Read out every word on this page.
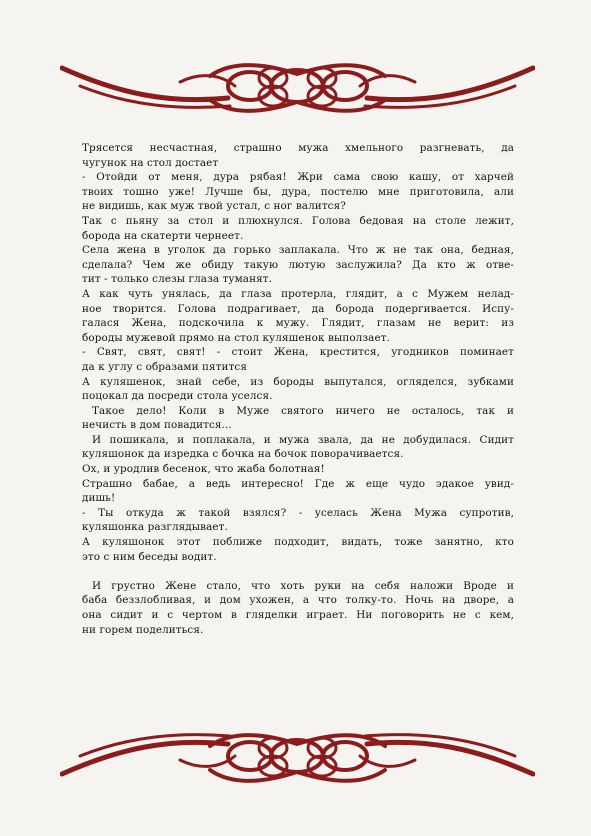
Трясется несчастная, страшно мужа хмельного разгневать, да

чугунок на стол достает

- Отойди от меня, дура рябая! Жри сама свою кашу, от харчей

твоих тошно уже! Лучше бы, дура, постелю мне приготовила, али

не видишь, как муж твой устал, с ног валится?

Так с пьяну за стол и плюхнулся. Голова бедовая на столе лежит,

борода на скатерти чернеет.

Села жена в уголок да горько заплакала. Что ж не так она, бедная,

сделала? Чем же обиду такую лютую заслужила? Да кто ж отве-

тит - только слезы глаза туманят.

А как чуть унялась, да глаза протерла, глядит, а с Мужем нелад-

ное творится. Голова подрагивает, да борода подергивается. Испу-

галася Жена, подскочила к мужу. Глядит, глазам не верит: из

бороды мужевой прямо на стол куляшенок выползает.

- Свят, свят, свят! - стоит Жена, крестится, угодников поминает

да к углу с образами пятится

А куляшенок, знай себе, из бороды выпутался, огляделся, зубками

поцокал да посреди стола уселся.

Такое дело! Коли в Муже святого ничего не осталось, так и

нечисть в дом повадится...

И пошикала, и поплакала, и мужа звала, да не добудилася. Сидит

куляшонок да изредка с бочка на бочок поворачивается.

Ох, и уродлив бесенок, что жаба болотная!

Страшно бабае, а ведь интересно! Где ж еще чудо эдакое увид-

дишь!

- Ты откуда ж такой взялся? - уселась Жена Мужа супротив,

куляшонка разглядывает.

А куляшонок этот поближе подходит, видать, тоже занятно, кто

это с ним беседы водит.

И грустно Жене стало, что хоть руки на себя наложи Вроде и

баба беззлобливая, и дом ухожен, а что толку-то. Ночь на дворе, а

она сидит и с чертом в гляделки играет. Ни поговорить не с кем,

ни горем поделиться.
